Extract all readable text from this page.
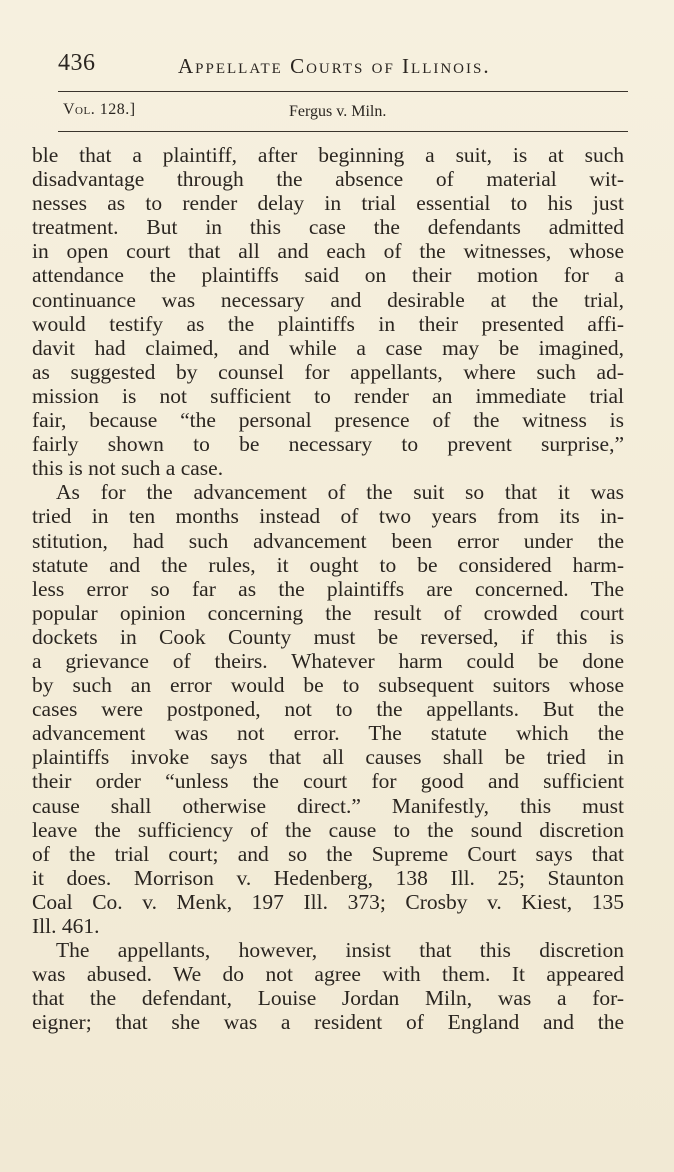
436	Appellate Courts of Illinois.
Vol. 128.]	Fergus v. Miln.
ble that a plaintiff, after beginning a suit, is at such
disadvantage through the absence of material wit-
nesses as to render delay in trial essential to his just
treatment. But in this case the defendants admitted
in open court that all and each of the witnesses, whose
attendance the plaintiffs said on their motion for a
continuance was necessary and desirable at the trial,
would testify as the plaintiffs in their presented affi-
davit had claimed, and while a case may be imagined,
as suggested by counsel for appellants, where such ad-
mission is not sufficient to render an immediate trial
fair, because “the personal presence of the witness is
fairly shown to be necessary to prevent surprise,”
this is not such a case.
As for the advancement of the suit so that it was
tried in ten months instead of two years from its in-
stitution, had such advancement been error under the
statute and the rules, it ought to be considered harm-
less error so far as the plaintiffs are concerned. The
popular opinion concerning the result of crowded court
dockets in Cook County must be reversed, if this is
a grievance of theirs. Whatever harm could be done
by such an error would be to subsequent suitors whose
cases were postponed, not to the appellants. But the
advancement was not error. The statute which the
plaintiffs invoke says that all causes shall be tried in
their order “unless the court for good and sufficient
cause shall otherwise direct.” Manifestly, this must
leave the sufficiency of the cause to the sound discretion
of the trial court; and so the Supreme Court says that
it does. Morrison v. Hedenberg, 138 Ill. 25; Staunton
Coal Co. v. Menk, 197 Ill. 373; Crosby v. Kiest, 135
Ill. 461.
The appellants, however, insist that this discretion
was abused. We do not agree with them. It appeared
that the defendant, Louise Jordan Miln, was a for-
eigner; that she was a resident of England and the
